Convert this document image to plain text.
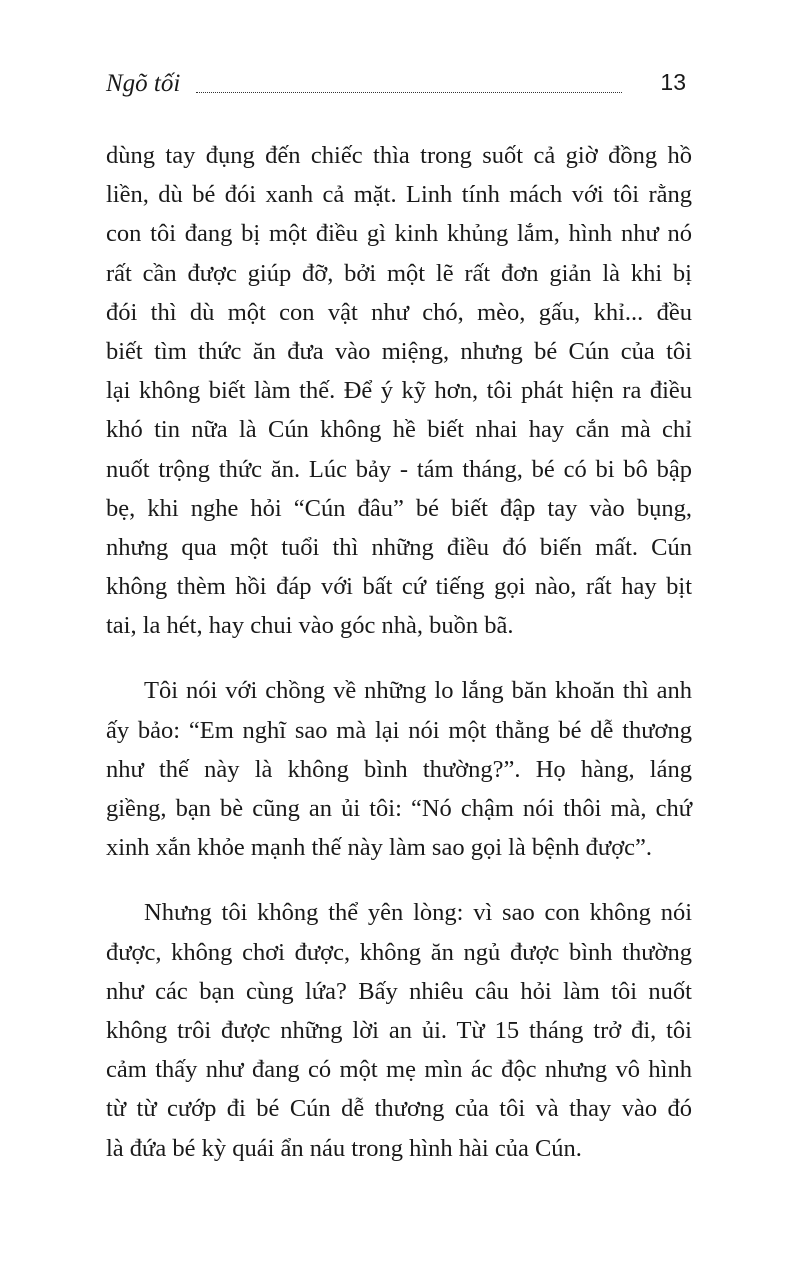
Ngõ tối	13

dùng tay đụng đến chiếc thìa trong suốt cả giờ đồng hồ
liền, dù bé đói xanh cả mặt. Linh tính mách với tôi rằng
con tôi đang bị một điều gì kinh khủng lắm, hình như nó
rất cần được giúp đỡ, bởi một lẽ rất đơn giản là khi bị
đói thì dù một con vật như chó, mèo, gấu, khỉ... đều
biết tìm thức ăn đưa vào miệng, nhưng bé Cún của tôi
lại không biết làm thế. Để ý kỹ hơn, tôi phát hiện ra điều
khó tin nữa là Cún không hề biết nhai hay cắn mà chỉ
nuốt trộng thức ăn. Lúc bảy - tám tháng, bé có bi bô bập
bẹ, khi nghe hỏi “Cún đâu” bé biết đập tay vào bụng,
nhưng qua một tuổi thì những điều đó biến mất. Cún
không thèm hồi đáp với bất cứ tiếng gọi nào, rất hay bịt
tai, la hét, hay chui vào góc nhà, buồn bã.

Tôi nói với chồng về những lo lắng băn khoăn thì anh
ấy bảo: “Em nghĩ sao mà lại nói một thằng bé dễ thương
như thế này là không bình thường?”. Họ hàng, láng
giềng, bạn bè cũng an ủi tôi: “Nó chậm nói thôi mà, chứ
xinh xắn khỏe mạnh thế này làm sao gọi là bệnh được”.

Nhưng tôi không thể yên lòng: vì sao con không nói
được, không chơi được, không ăn ngủ được bình thường
như các bạn cùng lứa? Bấy nhiêu câu hỏi làm tôi nuốt
không trôi được những lời an ủi. Từ 15 tháng trở đi, tôi
cảm thấy như đang có một mẹ mìn ác độc nhưng vô hình
từ từ cướp đi bé Cún dễ thương của tôi và thay vào đó
là đứa bé kỳ quái ẩn náu trong hình hài của Cún.
